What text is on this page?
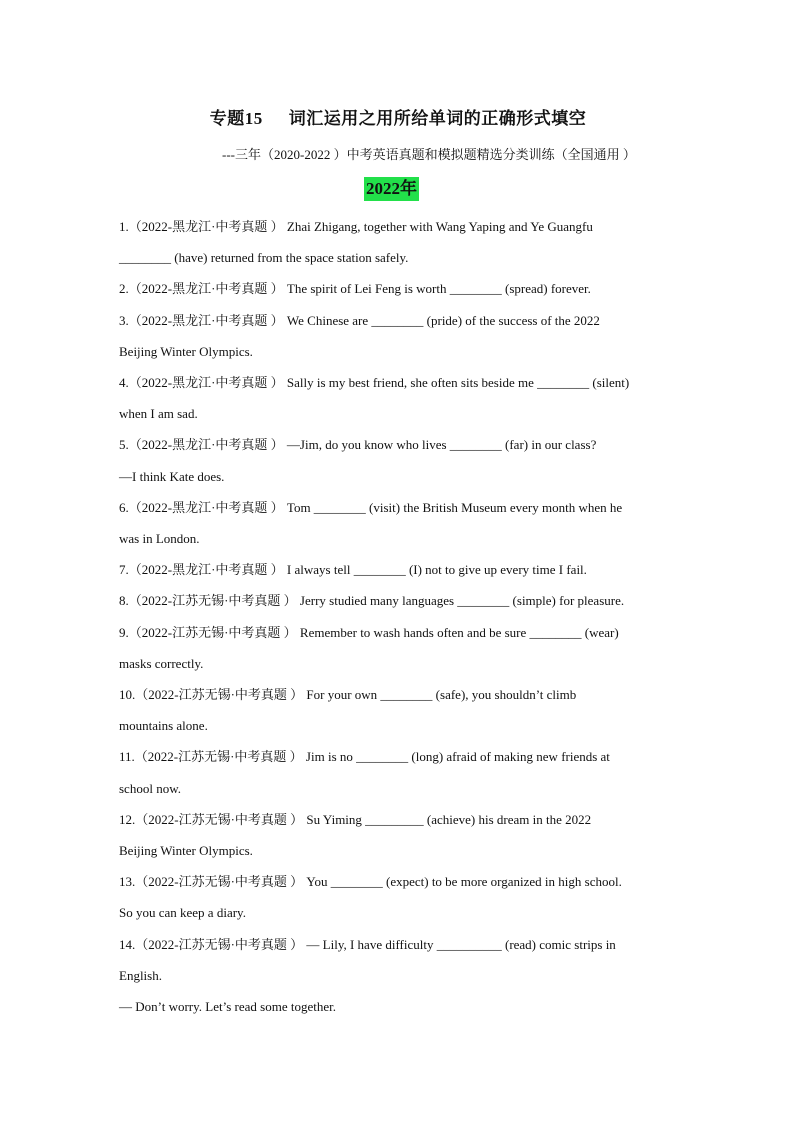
专题15 词汇运用之用所给单词的正确形式填空
---三年（2020-2022 ）中考英语真题和模拟题精选分类训练（全国通用 ）
2022年
1.（2022-黑龙江·中考真题 ） Zhai Zhigang, together with Wang Yaping and Ye Guangfu
________ (have) returned from the space station safely.
2.（2022-黑龙江·中考真题 ） The spirit of Lei Feng is worth ________ (spread) forever.
3.（2022-黑龙江·中考真题 ） We Chinese are ________ (pride) of the success of the 2022
Beijing Winter Olympics.
4.（2022-黑龙江·中考真题 ） Sally is my best friend, she often sits beside me ________ (silent)
when I am sad.
5.（2022-黑龙江·中考真题 ） —Jim, do you know who lives ________ (far) in our class?
—I think Kate does.
6.（2022-黑龙江·中考真题 ） Tom ________ (visit) the British Museum every month when he
was in London.
7.（2022-黑龙江·中考真题 ） I always tell ________ (I) not to give up every time I fail.
8.（2022-江苏无锡·中考真题 ） Jerry studied many languages ________ (simple) for pleasure.
9.（2022-江苏无锡·中考真题 ） Remember to wash hands often and be sure ________ (wear)
masks correctly.
10.（2022-江苏无锡·中考真题 ） For your own ________ (safe), you shouldn’t climb
mountains alone.
11.（2022-江苏无锡·中考真题 ） Jim is no ________ (long) afraid of making new friends at
school now.
12.（2022-江苏无锡·中考真题 ） Su Yiming _________ (achieve) his dream in the 2022
Beijing Winter Olympics.
13.（2022-江苏无锡·中考真题 ） You ________ (expect) to be more organized in high school.
So you can keep a diary.
14.（2022-江苏无锡·中考真题 ） — Lily, I have difficulty __________ (read) comic strips in
English.
— Don’t worry. Let’s read some together.
